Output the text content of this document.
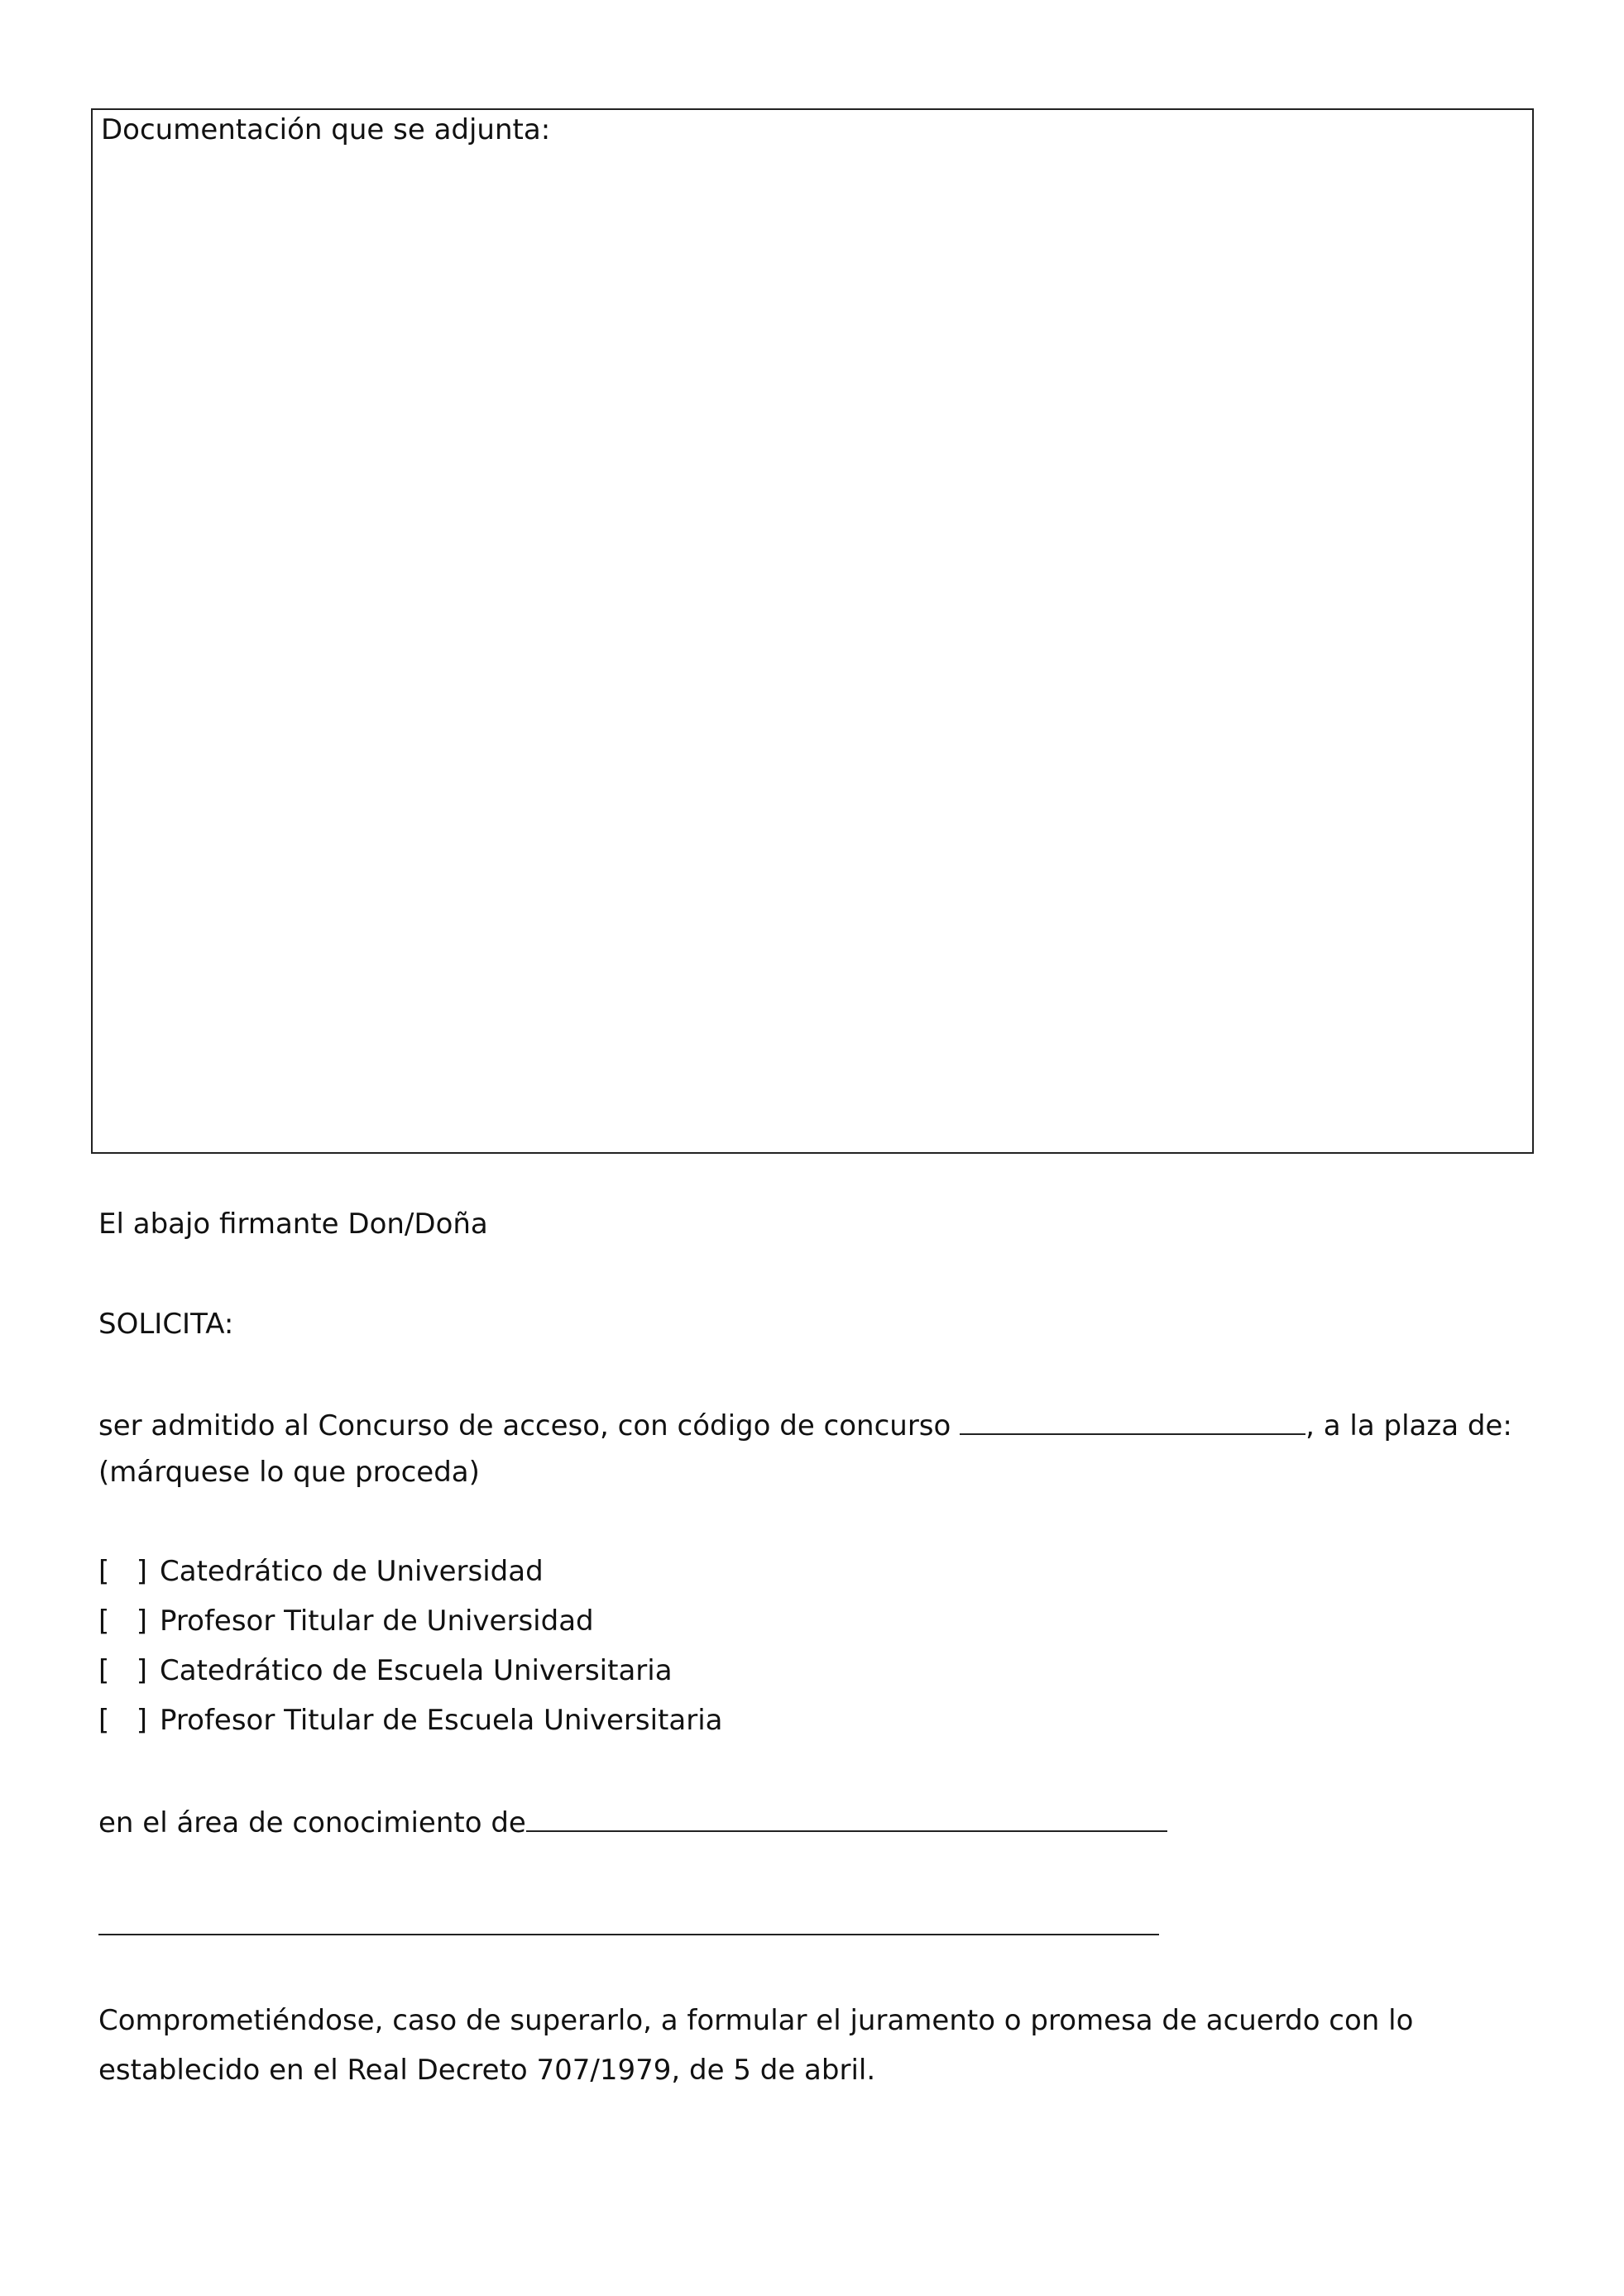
Documentación que se adjunta:
El abajo firmante Don/Doña
SOLICITA:
ser admitido al Concurso de acceso, con código de concurso	, a la plaza de:
(márquese lo que proceda)
[   ] Catedrático de Universidad
[   ] Profesor Titular de Universidad
[   ] Catedrático de Escuela Universitaria
[   ] Profesor Titular de Escuela Universitaria
en el área de conocimiento de
Comprometiéndose, caso de superarlo, a formular el juramento o promesa de acuerdo con lo
establecido en el Real Decreto 707/1979, de 5 de abril.
